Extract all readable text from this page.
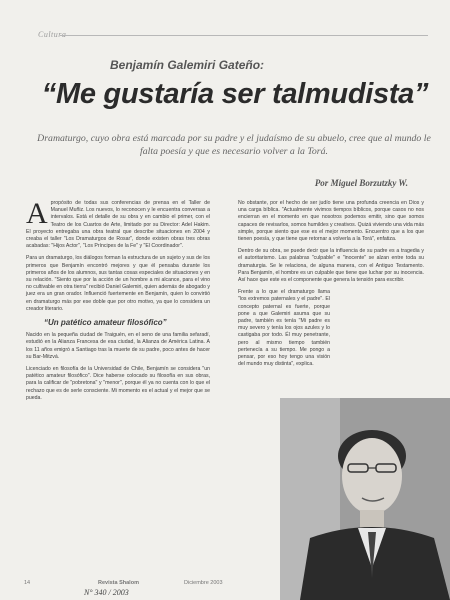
Cultura
Benjamín Galemiri Gateño:
“Me gustaría ser talmudista”
Dramaturgo, cuyo obra está marcada por su padre y el judaísmo de su abuelo, cree que al mundo le falta poesía y que es necesario volver a la Torá.
Por Miguel Borzutzky W.

A propósito de todas sus conferencias de prensa en el Taller de Manuel Muñiz. Los nuevos, lo reconocen y le encuentra conversas a intervalos. Está el detalle de su obra y en cambio el primer, con el Teatro de los Cuartos de Arte, limitado por su Director: Adel Hakim. El proyecto entregaba una obra teatral que describe situaciones en 2004 y creaba el taller "Los Dramaturgos de Rosar", donde existen obras tres obras acabadas: "Hijos Actor", "Los Príncipes de la Fe" y "El Coordinador".

Para un dramaturgo, los diálogos forman la estructura de un sujeto y sus de los primeros que Benjamín encontró mejores y que él pensaba durante los primeros años de los alumnos, sus tantas cosas especiales de situaciones y en su relación. "Siento que por la acción de un hombre a mi alcance, para el vino no cultivable en otra tierra" recibió Daniel Galemiri, quien además de abogado y juez era un gran orador. Influenció fuertemente en Benjamín, quien lo convirtió en dramaturgo más por ese doble que por otro motivo, ya que lo considera un creador literario.

“Un patético amateur filosófico”

Nacido en la pequeña ciudad de Traiguén, en el seno de una familia sefaradí, estudió en la Alianza Francesa de esa ciudad, la Alianza de América Latina. A los 11 años emigró a Santiago tras la muerte de su padre, poco antes de hacer su Bar-Mitzvá.

Licenciado en filosofía de la Universidad de Chile, Benjamín se considera "un patético amateur filosófico". Dice haberse colocado su filosofía en sus obras, para la calificar de "pobretona" y "menor", porque él ya no cuenta con lo que el rechazo que es de serle consciente. Mi momento es el actual y el mejor que se pueda.

No obstante, por el hecho de ser judío tiene una profunda creencia en Dios y una carga bíblica. "Actualmente vivimos tiempos bíblicos, porque casos no nos encierran en el momento en que nosotros podemos emitir, sino que somos capaces de revisarlos, somos humildes y creativos. Quizá viviendo una vida más simple, porque siento que ese es el mejor momento. Encuentro que a los que tienen poesía, y que tiene que retornar a volverla a la Torá", enfatiza.

Dentro de su obra, se puede decir que la influencia de su padre es a tragedia y el autoritarismo. Las palabras "culpable" e "inocente" se alzan entre toda su dramaturgia. Se le relaciona, de alguna manera, con el Antiguo Testamento. Para Benjamín, el hombre es un culpable que tiene que luchar por su inocencia. Así hace que este es el componente que genera la tensión para escribir.

Frente a lo que el dramaturgo llama "los extremos paternales y el padre". El concepto paternal es fuerte, porque pone a que Galemiri asuma que su padre, también es tenía "Mi padre es muy severo y tenía los ojos azules y lo castigaba por todo. Él muy penetrante, pero al mismo tiempo también pertenecía a su tiempo. Me pongo a pensar, por eso hoy tengo una visión del mundo muy distinta", explica.

14	Revista Shalom	Diciembre 2003
N° 340 / 2003
